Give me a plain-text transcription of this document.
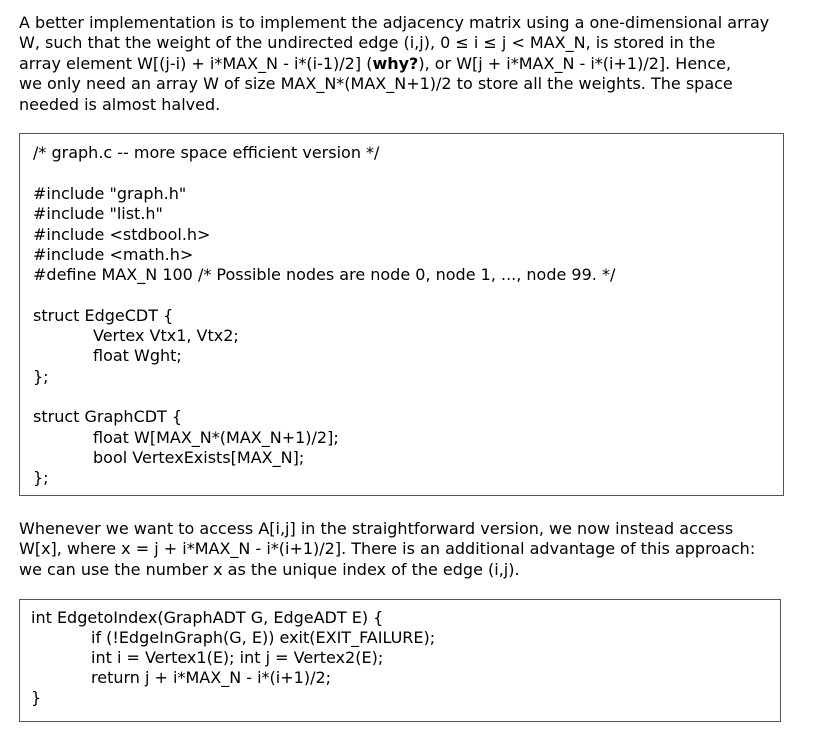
A better implementation is to implement the adjacency matrix using a one-dimensional array
W, such that the weight of the undirected edge (i,j), 0 ≤ i ≤ j < MAX_N, is stored in the
array element W[(j-i) + i*MAX_N - i*(i-1)/2] (why?), or W[j + i*MAX_N - i*(i+1)/2]. Hence,
we only need an array W of size MAX_N*(MAX_N+1)/2 to store all the weights. The space
needed is almost halved.
/* graph.c -- more space efficient version */
#include "graph.h"
#include "list.h"
#include <stdbool.h>
#include <math.h>
#define MAX_N 100 /* Possible nodes are node 0, node 1, ..., node 99. */
struct EdgeCDT {
Vertex Vtx1, Vtx2;
float Wght;
};
struct GraphCDT {
float W[MAX_N*(MAX_N+1)/2];
bool VertexExists[MAX_N];
};
Whenever we want to access A[i,j] in the straightforward version, we now instead access
W[x], where x = j + i*MAX_N - i*(i+1)/2]. There is an additional advantage of this approach:
we can use the number x as the unique index of the edge (i,j).
int EdgetoIndex(GraphADT G, EdgeADT E) {
if (!EdgeInGraph(G, E)) exit(EXIT_FAILURE);
int i = Vertex1(E); int j = Vertex2(E);
return j + i*MAX_N - i*(i+1)/2;
}
